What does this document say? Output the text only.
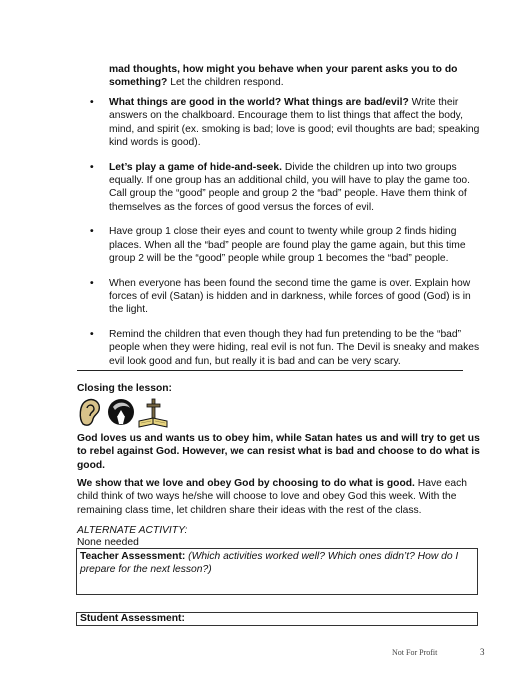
mad thoughts, how might you behave when your parent asks you to do something? Let the children respond.
• What things are good in the world? What things are bad/evil? Write their answers on the chalkboard. Encourage them to list things that affect the body, mind, and spirit (ex. smoking is bad; love is good; evil thoughts are bad; speaking kind words is good).
• Let’s play a game of hide-and-seek. Divide the children up into two groups equally. If one group has an additional child, you will have to play the game too. Call group the “good” people and group 2 the “bad” people. Have them think of themselves as the forces of good versus the forces of evil.
• Have group 1 close their eyes and count to twenty while group 2 finds hiding places. When all the “bad” people are found play the game again, but this time group 2 will be the “good” people while group 1 becomes the “bad” people.
• When everyone has been found the second time the game is over. Explain how forces of evil (Satan) is hidden and in darkness, while forces of good (God) is in the light.
• Remind the children that even though they had fun pretending to be the “bad” people when they were hiding, real evil is not fun. The Devil is sneaky and makes evil look good and fun, but really it is bad and can be very scary.
Closing the lesson:
God loves us and wants us to obey him, while Satan hates us and will try to get us to rebel against God. However, we can resist what is bad and choose to do what is good.
We show that we love and obey God by choosing to do what is good. Have each child think of two ways he/she will choose to love and obey God this week. With the remaining class time, let children share their ideas with the rest of the class.
ALTERNATE ACTIVITY:
None needed
Teacher Assessment: (Which activities worked well? Which ones didn’t? How do I prepare for the next lesson?)
Student Assessment:
Not For Profit	3
